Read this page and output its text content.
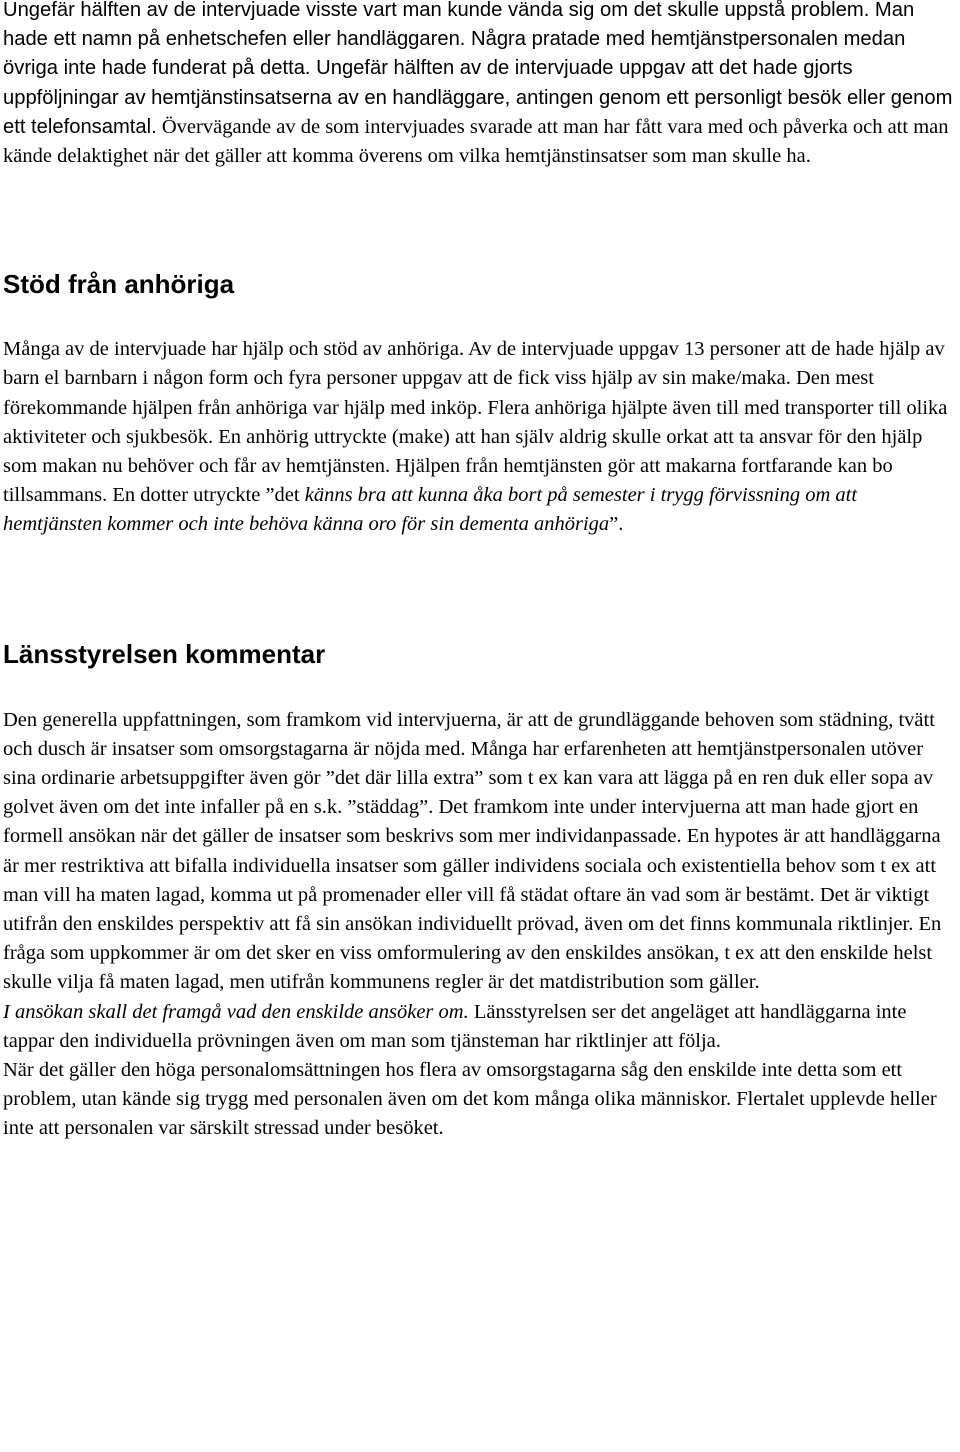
Ungefär hälften av de intervjuade visste vart man kunde vända sig om det skulle uppstå problem. Man hade ett namn på enhetschefen eller handläggaren. Några pratade med hemtjänstpersonalen medan övriga inte hade funderat på detta. Ungefär hälften av de intervjuade uppgav att det hade gjorts uppföljningar av hemtjänstinsatserna av en handläggare, antingen genom ett personligt besök eller genom ett telefonsamtal. Övervägande av de som intervjuades svarade att man har fått vara med och påverka och att man kände delaktighet när det gäller att komma överens om vilka hemtjänstinsatser som man skulle ha.

Stöd från anhöriga

Många av de intervjuade har hjälp och stöd av anhöriga. Av de intervjuade uppgav 13 personer att de hade hjälp av barn el barnbarn i någon form och fyra personer uppgav att de fick viss hjälp av sin make/maka. Den mest förekommande hjälpen från anhöriga var hjälp med inköp. Flera anhöriga hjälpte även till med transporter till olika aktiviteter och sjukbesök. En anhörig uttryckte (make) att han själv aldrig skulle orkat att ta ansvar för den hjälp som makan nu behöver och får av hemtjänsten. Hjälpen från hemtjänsten gör att makarna fortfarande kan bo tillsammans. En dotter utryckte ”det känns bra att kunna åka bort på semester i trygg förvissning om att hemtjänsten kommer och inte behöva känna oro för sin dementa anhöriga”.

Länsstyrelsen kommentar

Den generella uppfattningen, som framkom vid intervjuerna, är att de grundläggande behoven som städning, tvätt och dusch är insatser som omsorgstagarna är nöjda med. Många har erfarenheten att hemtjänstpersonalen utöver sina ordinarie arbetsuppgifter även gör ”det där lilla extra” som t ex kan vara att lägga på en ren duk eller sopa av golvet även om det inte infaller på en s.k. ”städdag”. Det framkom inte under intervjuerna att man hade gjort en formell ansökan när det gäller de insatser som beskrivs som mer individanpassade. En hypotes är att handläggarna är mer restriktiva att bifalla individuella insatser som gäller individens sociala och existentiella behov som t ex att man vill ha maten lagad, komma ut på promenader eller vill få städat oftare än vad som är bestämt. Det är viktigt utifrån den enskildes perspektiv att få sin ansökan individuellt prövad, även om det finns kommunala riktlinjer. En fråga som uppkommer är om det sker en viss omformulering av den enskildes ansökan, t ex att den enskilde helst skulle vilja få maten lagad, men utifrån kommunens regler är det matdistribution som gäller.
I ansökan skall det framgå vad den enskilde ansöker om. Länsstyrelsen ser det angeläget att handläggarna inte tappar den individuella prövningen även om man som tjänsteman har riktlinjer att följa.
När det gäller den höga personalomsättningen hos flera av omsorgstagarna såg den enskilde inte detta som ett problem, utan kände sig trygg med personalen även om det kom många olika människor. Flertalet upplevde heller inte att personalen var särskilt stressad under besöket.
